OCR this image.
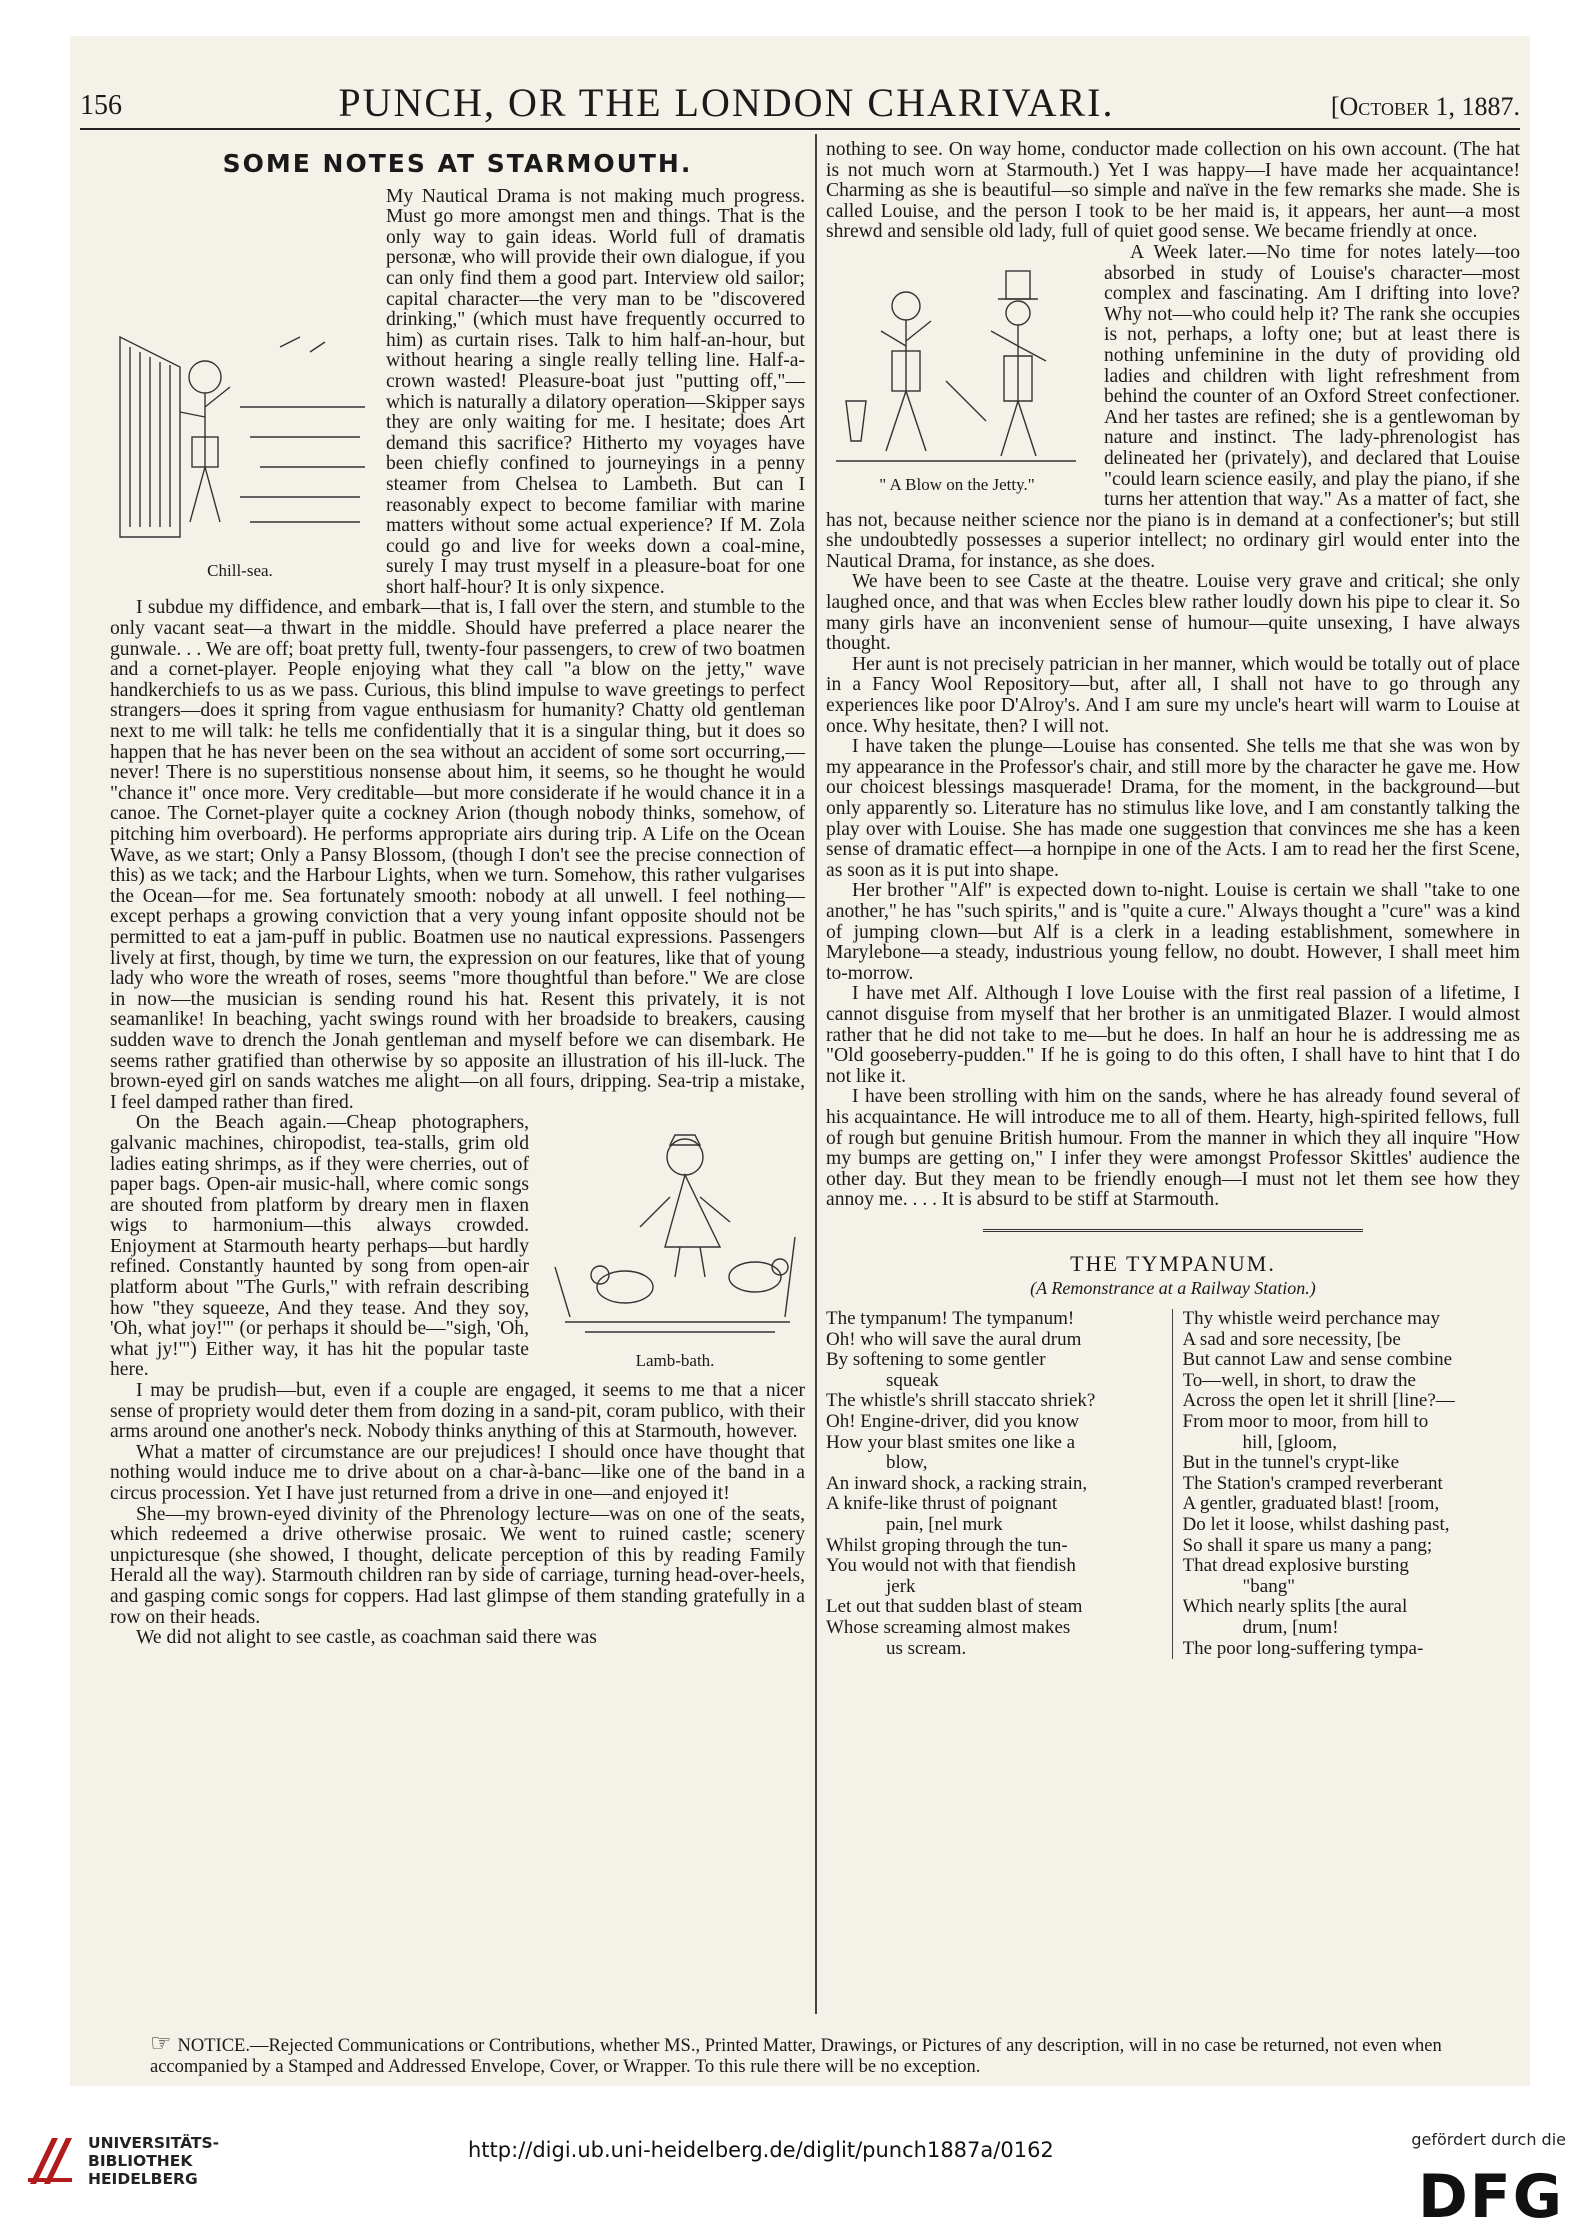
156	PUNCH, OR THE LONDON CHARIVARI.	[October 1, 1887.
SOME NOTES AT STARMOUTH.
Chill-sea.

My Nautical Drama is not making much progress. Must go more amongst men and things. That is the only way to gain ideas. World full of dramatis personæ, who will provide their own dialogue, if you can only find them a good part. Interview old sailor; capital character—the very man to be "discovered drinking," (which must have frequently occurred to him) as curtain rises. Talk to him half-an-hour, but without hearing a single really telling line. Half-a-crown wasted! Pleasure-boat just "putting off,"—which is naturally a dilatory operation—Skipper says they are only waiting for me. I hesitate; does Art demand this sacrifice? Hitherto my voyages have been chiefly confined to journeyings in a penny steamer from Chelsea to Lambeth. But can I reasonably expect to become familiar with marine matters without some actual experience? If M. Zola could go and live for weeks down a coal-mine, surely I may trust myself in a pleasure-boat for one short half-hour? It is only sixpence.

I subdue my diffidence, and embark—that is, I fall over the stern, and stumble to the only vacant seat—a thwart in the middle. Should have preferred a place nearer the gunwale. . . We are off; boat pretty full, twenty-four passengers, to crew of two boatmen and a cornet-player. People enjoying what they call "a blow on the jetty," wave handkerchiefs to us as we pass. Curious, this blind impulse to wave greetings to perfect strangers—does it spring from vague enthusiasm for humanity? Chatty old gentleman next to me will talk: he tells me confidentially that it is a singular thing, but it does so happen that he has never been on the sea without an accident of some sort occurring,—never! There is no superstitious nonsense about him, it seems, so he thought he would "chance it" once more. Very creditable—but more considerate if he would chance it in a canoe. The Cornet-player quite a cockney Arion (though nobody thinks, somehow, of pitching him overboard). He performs appropriate airs during trip. A Life on the Ocean Wave, as we start; Only a Pansy Blossom, (though I don't see the precise connection of this) as we tack; and the Harbour Lights, when we turn. Somehow, this rather vulgarises the Ocean—for me. Sea fortunately smooth: nobody at all unwell. I feel nothing—except perhaps a growing conviction that a very young infant opposite should not be permitted to eat a jam-puff in public. Boatmen use no nautical expressions. Passengers lively at first, though, by time we turn, the expression on our features, like that of young lady who wore the wreath of roses, seems "more thoughtful than before." We are close in now—the musician is sending round his hat. Resent this privately, it is not seamanlike! In beaching, yacht swings round with her broadside to breakers, causing sudden wave to drench the Jonah gentleman and myself before we can disembark. He seems rather gratified than otherwise by so apposite an illustration of his ill-luck. The brown-eyed girl on sands watches me alight—on all fours, dripping. Sea-trip a mistake, I feel damped rather than fired.

Lamb-bath.

On the Beach again.—Cheap photographers, galvanic machines, chiropodist, tea-stalls, grim old ladies eating shrimps, as if they were cherries, out of paper bags. Open-air music-hall, where comic songs are shouted from platform by dreary men in flaxen wigs to harmonium—this always crowded. Enjoyment at Starmouth hearty perhaps—but hardly refined. Constantly haunted by song from open-air platform about "The Gurls," with refrain describing how "they squeeze, And they tease. And they soy, 'Oh, what joy!'" (or perhaps it should be—"sigh, 'Oh, what jy!'") Either way, it has hit the popular taste here.

I may be prudish—but, even if a couple are engaged, it seems to me that a nicer sense of propriety would deter them from dozing in a sand-pit, coram publico, with their arms around one another's neck. Nobody thinks anything of this at Starmouth, however.

What a matter of circumstance are our prejudices! I should once have thought that nothing would induce me to drive about on a char-à-banc—like one of the band in a circus procession. Yet I have just returned from a drive in one—and enjoyed it!

She—my brown-eyed divinity of the Phrenology lecture—was on one of the seats, which redeemed a drive otherwise prosaic. We went to ruined castle; scenery unpicturesque (she showed, I thought, delicate perception of this by reading Family Herald all the way). Starmouth children ran by side of carriage, turning head-over-heels, and gasping comic songs for coppers. Had last glimpse of them standing gratefully in a row on their heads.

We did not alight to see castle, as coachman said there was

nothing to see. On way home, conductor made collection on his own account. (The hat is not much worn at Starmouth.) Yet I was happy—I have made her acquaintance! Charming as she is beautiful—so simple and naïve in the few remarks she made. She is called Louise, and the person I took to be her maid is, it appears, her aunt—a most shrewd and sensible old lady, full of quiet good sense. We became friendly at once.

" A Blow on the Jetty."

A Week later.—No time for notes lately—too absorbed in study of Louise's character—most complex and fascinating. Am I drifting into love? Why not—who could help it? The rank she occupies is not, perhaps, a lofty one; but at least there is nothing unfeminine in the duty of providing old ladies and children with light refreshment from behind the counter of an Oxford Street confectioner. And her tastes are refined; she is a gentlewoman by nature and instinct. The lady-phrenologist has delineated her (privately), and declared that Louise "could learn science easily, and play the piano, if she turns her attention that way." As a matter of fact, she has not, because neither science nor the piano is in demand at a confectioner's; but still she undoubtedly possesses a superior intellect; no ordinary girl would enter into the Nautical Drama, for instance, as she does.

We have been to see Caste at the theatre. Louise very grave and critical; she only laughed once, and that was when Eccles blew rather loudly down his pipe to clear it. So many girls have an inconvenient sense of humour—quite unsexing, I have always thought.

Her aunt is not precisely patrician in her manner, which would be totally out of place in a Fancy Wool Repository—but, after all, I shall not have to go through any experiences like poor D'Alroy's. And I am sure my uncle's heart will warm to Louise at once. Why hesitate, then? I will not.

I have taken the plunge—Louise has consented. She tells me that she was won by my appearance in the Professor's chair, and still more by the character he gave me. How our choicest blessings masquerade! Drama, for the moment, in the background—but only apparently so. Literature has no stimulus like love, and I am constantly talking the play over with Louise. She has made one suggestion that convinces me she has a keen sense of dramatic effect—a hornpipe in one of the Acts. I am to read her the first Scene, as soon as it is put into shape.

Her brother "Alf" is expected down to-night. Louise is certain we shall "take to one another," he has "such spirits," and is "quite a cure." Always thought a "cure" was a kind of jumping clown—but Alf is a clerk in a leading establishment, somewhere in Marylebone—a steady, industrious young fellow, no doubt. However, I shall meet him to-morrow.

I have met Alf. Although I love Louise with the first real passion of a lifetime, I cannot disguise from myself that her brother is an unmitigated Blazer. I would almost rather that he did not take to me—but he does. In half an hour he is addressing me as "Old gooseberry-pudden." If he is going to do this often, I shall have to hint that I do not like it.

I have been strolling with him on the sands, where he has already found several of his acquaintance. He will introduce me to all of them. Hearty, high-spirited fellows, full of rough but genuine British humour. From the manner in which they all inquire "How my bumps are getting on," I infer they were amongst Professor Skittles' audience the other day. But they mean to be friendly enough—I must not let them see how they annoy me. . . . It is absurd to be stiff at Starmouth.

THE TYMPANUM.
(A Remonstrance at a Railway Station.)
The tympanum! The tympanum!
Oh! who will save the aural drum
By softening to some gentler
squeak
The whistle's shrill staccato shriek?
Oh! Engine-driver, did you know
How your blast smites one like a
blow,
An inward shock, a racking strain,
A knife-like thrust of poignant
pain, [nel murk
Whilst groping through the tun-
You would not with that fiendish
jerk
Let out that sudden blast of steam
Whose screaming almost makes
us scream.
Thy whistle weird perchance may
A sad and sore necessity, [be
But cannot Law and sense combine
To—well, in short, to draw the
Across the open let it shrill [line?—
From moor to moor, from hill to
hill, [gloom,
But in the tunnel's crypt-like
The Station's cramped reverberant
A gentler, graduated blast! [room,
Do let it loose, whilst dashing past,
So shall it spare us many a pang;
That dread explosive bursting
"bang"
Which nearly splits [the aural
drum, [num!
The poor long-suffering tympa-
☞ NOTICE.—Rejected Communications or Contributions, whether MS., Printed Matter, Drawings, or Pictures of any description, will in no case be returned, not even when accompanied by a Stamped and Addressed Envelope, Cover, or Wrapper. To this rule there will be no exception.
UNIVERSITÄTS-
BIBLIOTHEK
HEIDELBERG
http://digi.ub.uni-heidelberg.de/diglit/punch1887a/0162	gefördert durch die
DFG
